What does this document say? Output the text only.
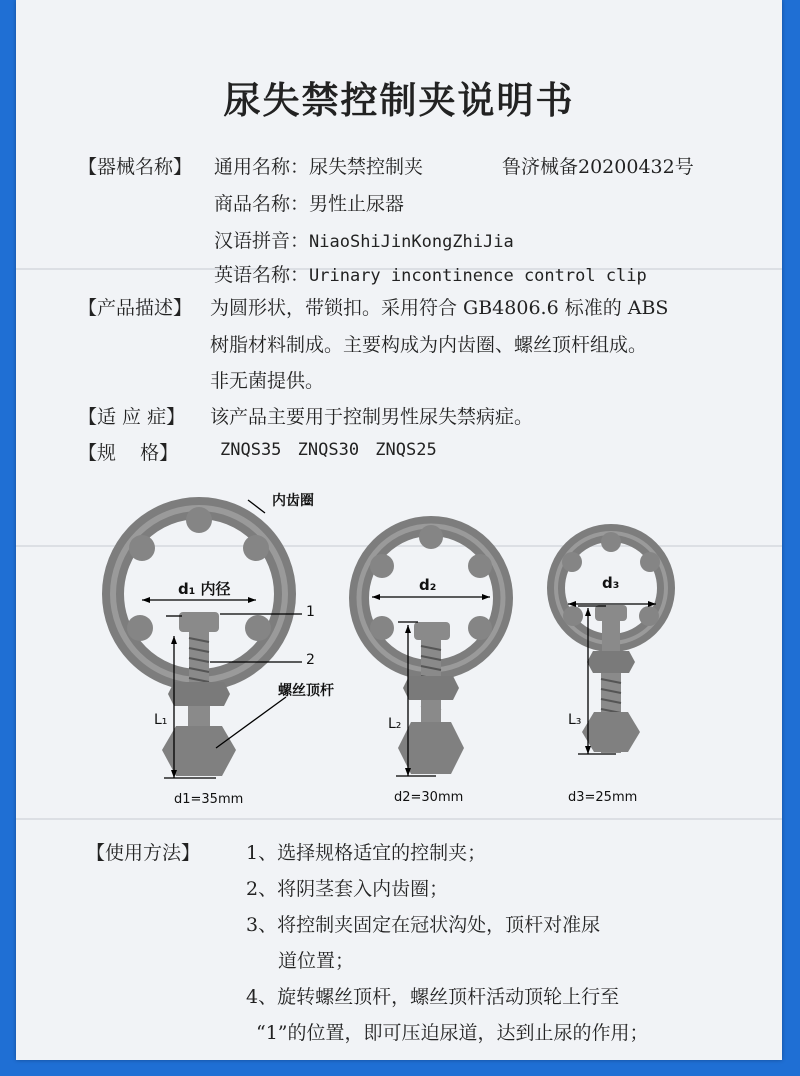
尿失禁控制夹说明书
【器械名称】 通用名称：尿失禁控制夹	鲁济械备20200432号
商品名称：男性止尿器
汉语拼音：NiaoShiJinKongZhiJia
英语名称：Urinary incontinence control clip
【产品描述】 为圆形状，带锁扣。采用符合 GB4806.6 标准的 ABS
树脂材料制成。主要构成为内齿圈、螺丝顶杆组成。
非无菌提供。
【适 应 症】 该产品主要用于控制男性尿失禁病症。
【规    格】 ZNQS35 ZNQS30 ZNQS25
内齿圈
d₁ 内径	d₂	d₃
1
2
螺丝顶杆
L₁	L₂	L₃
d1=35mm	d2=30mm	d3=25mm
【使用方法】 1、选择规格适宜的控制夹；
2、将阴茎套入内齿圈；
3、将控制夹固定在冠状沟处，顶杆对准尿
道位置；
4、旋转螺丝顶杆，螺丝顶杆活动顶轮上行至
“1”的位置，即可压迫尿道，达到止尿的作用；
